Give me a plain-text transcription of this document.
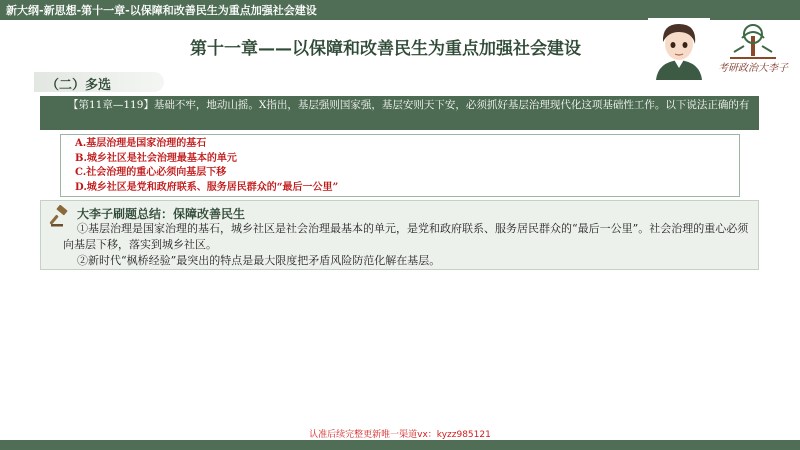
新大纲-新思想-第十一章-以保障和改善民生为重点加强社会建设
第十一章——以保障和改善民生为重点加强社会建设
考研政治大李子
（二）多选
【第11章—119】基础不牢，地动山摇。X指出，基层强则国家强，基层安则天下安，必须抓好基层治理现代化这项基础性工作。以下说法正确的有
A.基层治理是国家治理的基石
B.城乡社区是社会治理最基本的单元
C.社会治理的重心必须向基层下移
D.城乡社区是党和政府联系、服务居民群众的“最后一公里”
大李子刷题总结：保障改善民生

①基层治理是国家治理的基石，城乡社区是社会治理最基本的单元，是党和政府联系、服务居民群众的“最后一公里”。社会治理的重心必须向基层下移，落实到城乡社区。

②新时代“枫桥经验”最突出的特点是最大限度把矛盾风险防范化解在基层。

认准后续完整更新唯一渠道vx：kyzz985121
